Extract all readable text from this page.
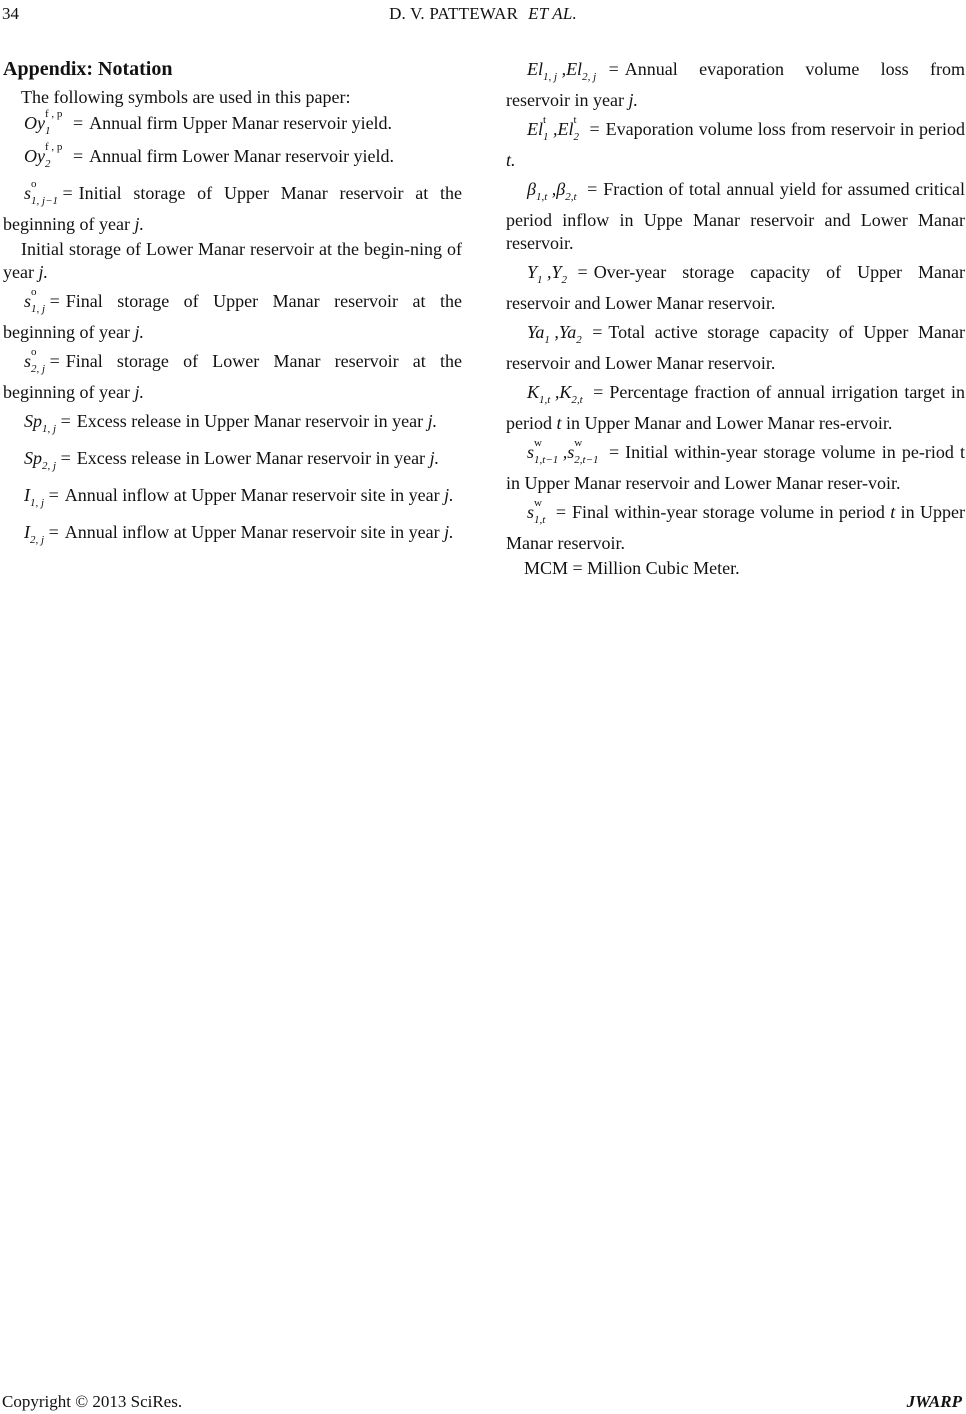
34	D. V. PATTEWAR ET AL.
Appendix: Notation

The following symbols are used in this paper:

Oy f , p
1 =Annual firm Upper Manar reservoir yield.

Oy f , p
2 =Annual firm Lower Manar reservoir yield.

s o
1, j−1 =Initial storage of Upper Manar reservoir at the beginning of year j.

Initial storage of Lower Manar reservoir at the begin-ning of year j.

s o
1, j =Final storage of Upper Manar reservoir at the beginning of year j.

s o
2, j =Final storage of Lower Manar reservoir at the beginning of year j.

Sp1, j =Excess release in Upper Manar reservoir in year j.

Sp2, j =Excess release in Lower Manar reservoir in year j.

I1, j =Annual inflow at Upper Manar reservoir site in year j.

I2, j =Annual inflow at Upper Manar reservoir site in year j.

El1, j ,El2, j =Annual evaporation volume loss from reservoir in year j.

El t
1 ,El t
2 =Evaporation volume loss from reservoir in period t.

β1,t ,β2,t =Fraction of total annual yield for assumed critical period inflow in Uppe Manar reservoir and Lower Manar reservoir.

Y1 ,Y2 =Over-year storage capacity of Upper Manar reservoir and Lower Manar reservoir.

Ya1 ,Ya2 =Total active storage capacity of Upper Manar reservoir and Lower Manar reservoir.

K1,t ,K2,t =Percentage fraction of annual irrigation target in period t in Upper Manar and Lower Manar res-ervoir.

s w
1,t−1 ,s w
2,t−1 =Initial within-year storage volume in pe-riod t in Upper Manar reservoir and Lower Manar reser-voir.

s w
1,t =Final within-year storage volume in period t in Upper Manar reservoir.

MCM = Million Cubic Meter.

Copyright © 2013 SciRes.	JWARP
